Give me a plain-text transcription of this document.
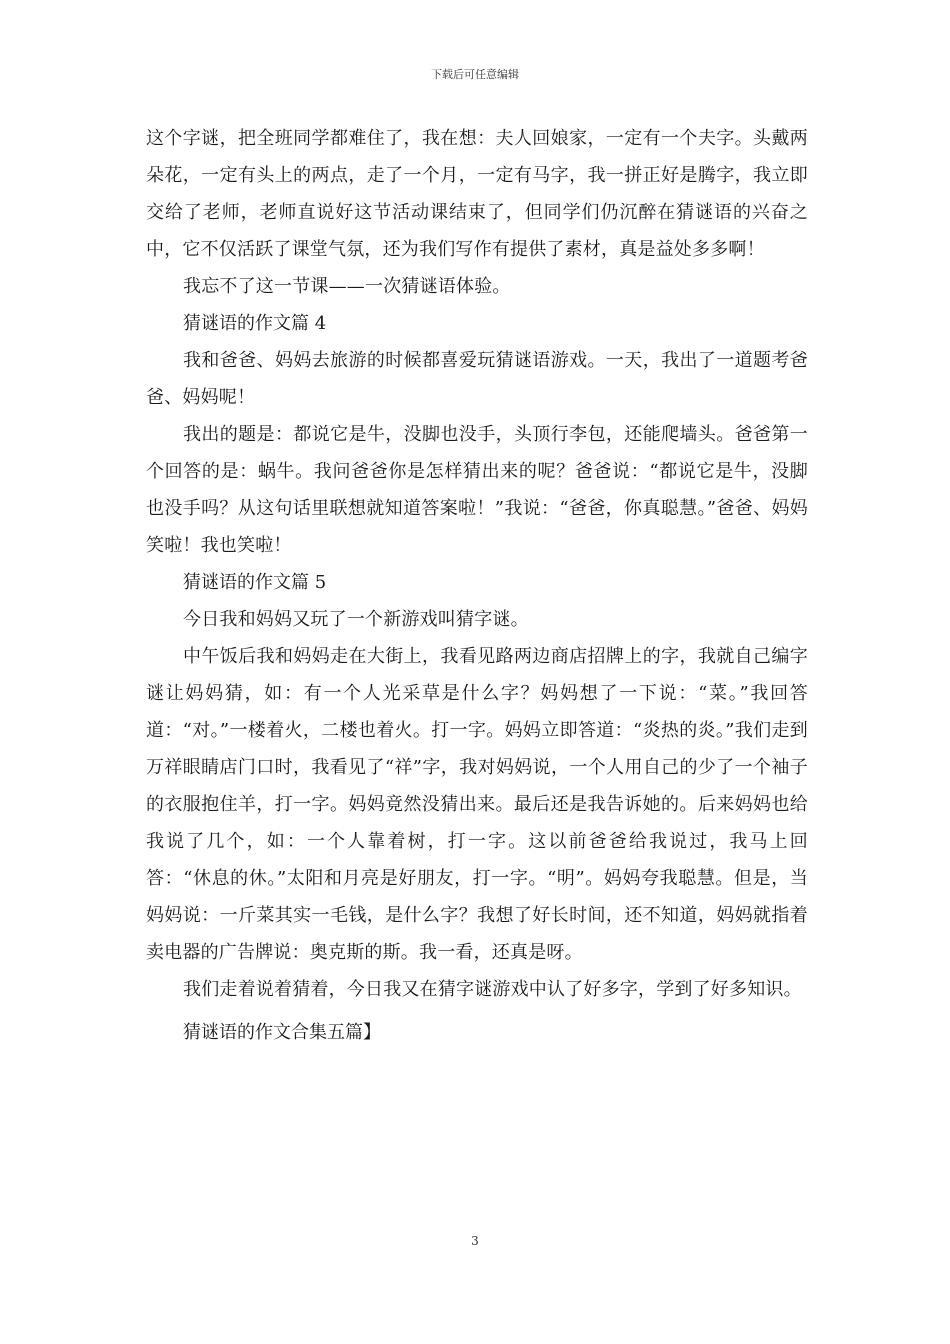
下载后可任意编辑

这个字谜，把全班同学都难住了，我在想：夫人回娘家，一定有一个夫字。头戴两朵花，一定有头上的两点，走了一个月，一定有马字，我一拼正好是腾字，我立即交给了老师，老师直说好这节活动课结束了，但同学们仍沉醉在猜谜语的兴奋之中，它不仅活跃了课堂气氛，还为我们写作有提供了素材，真是益处多多啊！

我忘不了这一节课——一次猜谜语体验。

猜谜语的作文篇 4

我和爸爸、妈妈去旅游的时候都喜爱玩猜谜语游戏。一天，我出了一道题考爸爸、妈妈呢！

我出的题是：都说它是牛，没脚也没手，头顶行李包，还能爬墙头。爸爸第一个回答的是：蜗牛。我问爸爸你是怎样猜出来的呢？爸爸说：“都说它是牛，没脚也没手吗？从这句话里联想就知道答案啦！”我说：“爸爸，你真聪慧。”爸爸、妈妈笑啦！我也笑啦！

猜谜语的作文篇 5

今日我和妈妈又玩了一个新游戏叫猜字谜。

中午饭后我和妈妈走在大街上，我看见路两边商店招牌上的字，我就自己编字谜让妈妈猜，如：有一个人光采草是什么字？妈妈想了一下说：“菜。”我回答道：“对。”一楼着火，二楼也着火。打一字。妈妈立即答道：“炎热的炎。”我们走到万祥眼睛店门口时，我看见了“祥”字，我对妈妈说，一个人用自己的少了一个袖子的衣服抱住羊，打一字。妈妈竟然没猜出来。最后还是我告诉她的。后来妈妈也给我说了几个，如：一个人靠着树，打一字。这以前爸爸给我说过，我马上回答：“休息的休。”太阳和月亮是好朋友，打一字。“明”。妈妈夸我聪慧。但是，当妈妈说：一斤菜其实一毛钱，是什么字？我想了好长时间，还不知道，妈妈就指着卖电器的广告牌说：奥克斯的斯。我一看，还真是呀。

我们走着说着猜着，今日我又在猜字谜游戏中认了好多字，学到了好多知识。

猜谜语的作文合集五篇】

3
